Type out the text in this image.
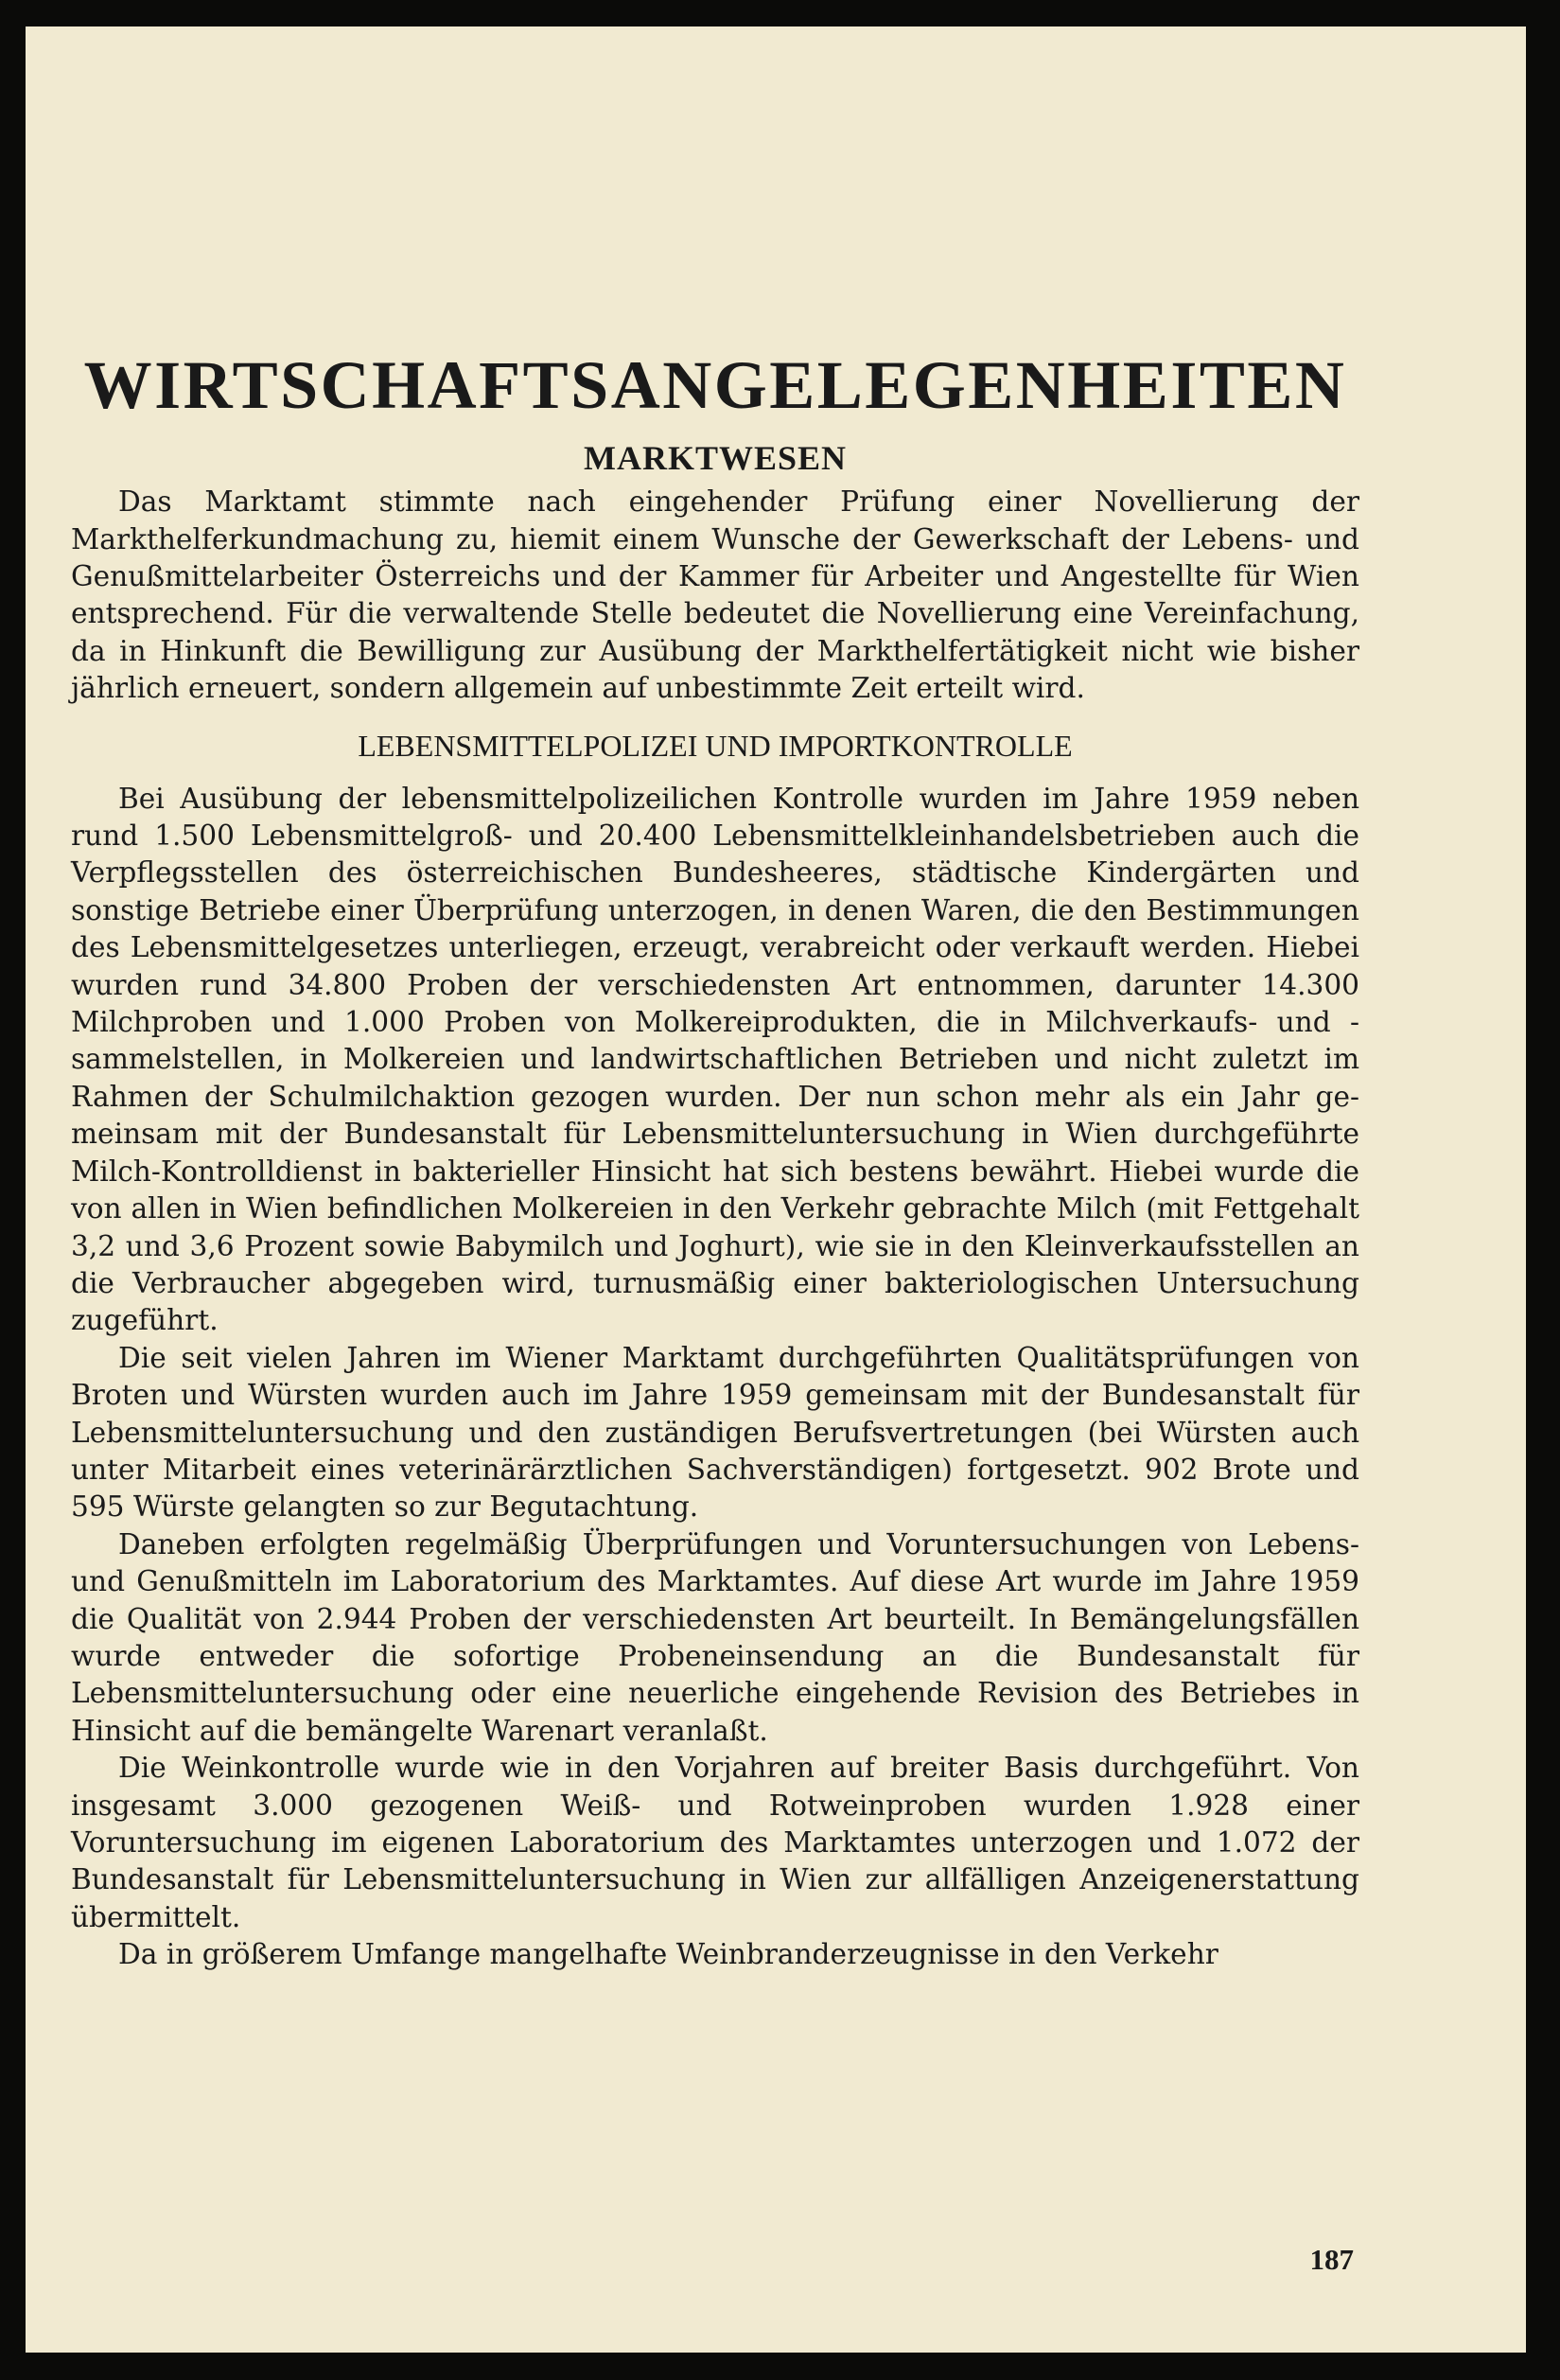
WIRTSCHAFTSANGELEGENHEITEN
MARKTWESEN

Das Marktamt stimmte nach eingehender Prüfung einer Novellierung der Markthelferkundmachung zu, hiemit einem Wunsche der Gewerkschaft der Lebens- und Genußmittelarbeiter Österreichs und der Kammer für Arbeiter und Angestellte für Wien entsprechend. Für die verwaltende Stelle bedeutet die Novellierung eine Vereinfachung, da in Hinkunft die Bewilligung zur Ausübung der Markthelfertätigkeit nicht wie bisher jährlich erneuert, sondern allgemein auf unbestimmte Zeit erteilt wird.

LEBENSMITTELPOLIZEI UND IMPORTKONTROLLE

Bei Ausübung der lebensmittelpolizeilichen Kontrolle wurden im Jahre 1959 neben rund 1.500 Lebensmittelgroß- und 20.400 Lebensmittelkleinhandelsbetrieben auch die Verpflegsstellen des österreichischen Bundesheeres, städtische Kindergärten und sonstige Betriebe einer Überprüfung unterzogen, in denen Waren, die den Bestimmungen des Lebensmittelgesetzes unterliegen, erzeugt, verabreicht oder verkauft werden. Hiebei wurden rund 34.800 Proben der verschiedensten Art entnommen, darunter 14.300 Milchproben und 1.000 Proben von Molkereiprodukten, die in Milchverkaufs- und -sammelstellen, in Molkereien und landwirtschaftlichen Betrieben und nicht zuletzt im Rahmen der Schulmilchaktion gezogen wurden. Der nun schon mehr als ein Jahr gemeinsam mit der Bundesanstalt für Lebensmitteluntersuchung in Wien durchgeführte Milch-Kontrolldienst in bakterieller Hinsicht hat sich bestens bewährt. Hiebei wurde die von allen in Wien befindlichen Molkereien in den Verkehr gebrachte Milch (mit Fettgehalt 3,2 und 3,6 Prozent sowie Babymilch und Joghurt), wie sie in den Kleinverkaufsstellen an die Verbraucher abgegeben wird, turnusmäßig einer bakteriologischen Untersuchung zugeführt.

Die seit vielen Jahren im Wiener Marktamt durchgeführten Qualitätsprüfungen von Broten und Würsten wurden auch im Jahre 1959 gemeinsam mit der Bundesanstalt für Lebensmitteluntersuchung und den zuständigen Berufsvertretungen (bei Würsten auch unter Mitarbeit eines veterinärärztlichen Sachverständigen) fortgesetzt. 902 Brote und 595 Würste gelangten so zur Begutachtung.

Daneben erfolgten regelmäßig Überprüfungen und Voruntersuchungen von Lebens- und Genußmitteln im Laboratorium des Marktamtes. Auf diese Art wurde im Jahre 1959 die Qualität von 2.944 Proben der verschiedensten Art beurteilt. In Bemängelungsfällen wurde entweder die sofortige Probeneinsendung an die Bundesanstalt für Lebensmitteluntersuchung oder eine neuerliche eingehende Revision des Betriebes in Hinsicht auf die bemängelte Warenart veranlaßt.

Die Weinkontrolle wurde wie in den Vorjahren auf breiter Basis durchgeführt. Von insgesamt 3.000 gezogenen Weiß- und Rotweinproben wurden 1.928 einer Voruntersuchung im eigenen Laboratorium des Marktamtes unterzogen und 1.072 der Bundesanstalt für Lebensmitteluntersuchung in Wien zur allfälligen Anzeigenerstattung übermittelt.

Da in größerem Umfange mangelhafte Weinbranderzeugnisse in den Verkehr

187
